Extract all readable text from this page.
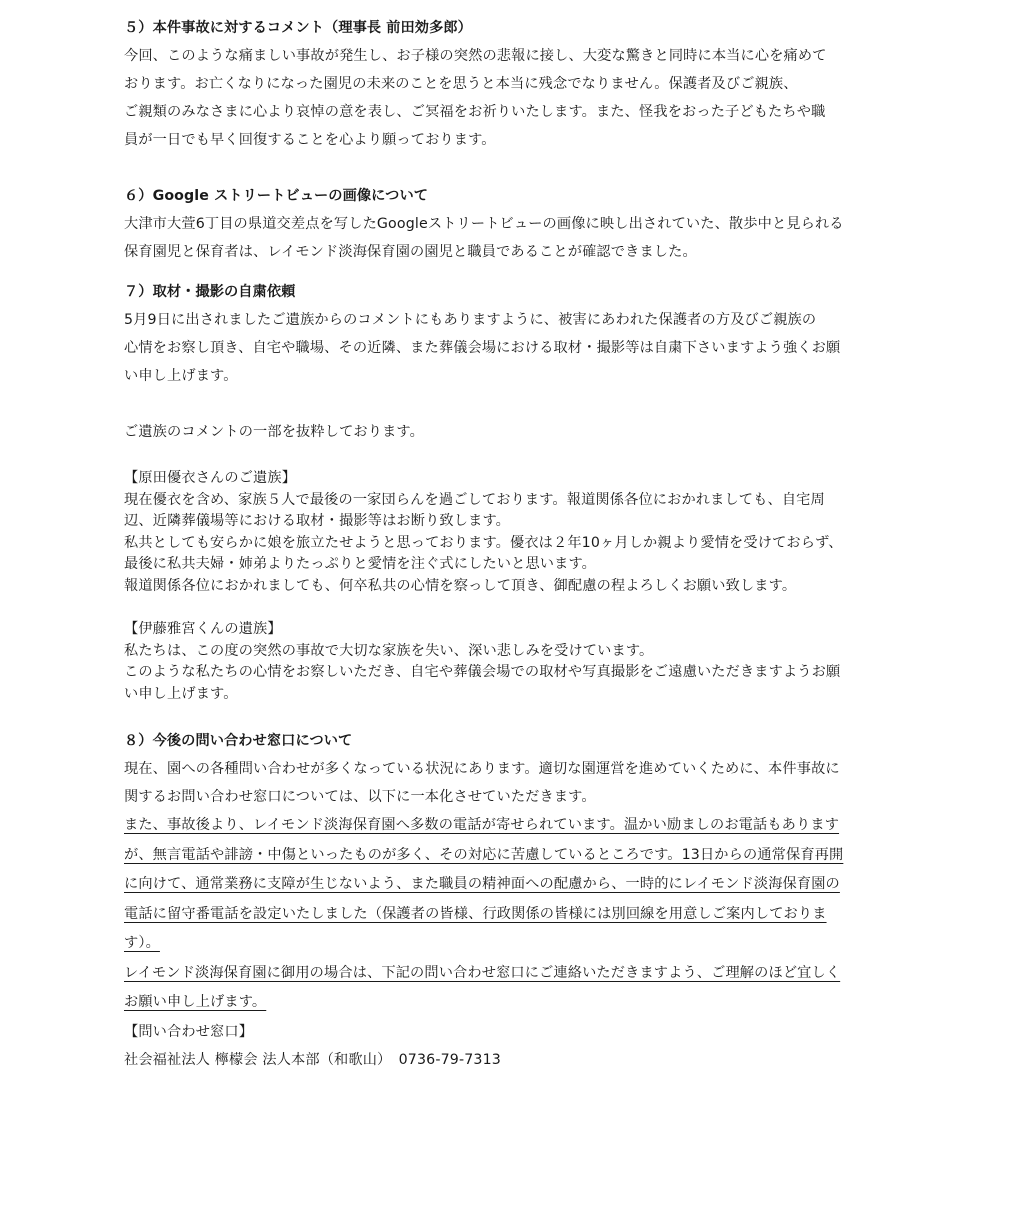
５）本件事故に対するコメント（理事長 前田効多郎）
今回、このような痛ましい事故が発生し、お子様の突然の悲報に接し、大変な驚きと同時に本当に心を痛めて
おります。お亡くなりになった園児の未来のことを思うと本当に残念でなりません。保護者及びご親族、
ご親類のみなさまに心より哀悼の意を表し、ご冥福をお祈りいたします。また、怪我をおった子どもたちや職
員が一日でも早く回復することを心より願っております。
６）Google ストリートビューの画像について
大津市大萱6丁目の県道交差点を写したGoogleストリートビューの画像に映し出されていた、散歩中と見られる
保育園児と保育者は、レイモンド淡海保育園の園児と職員であることが確認できました。
７）取材・撮影の自粛依頼
5月9日に出されましたご遺族からのコメントにもありますように、被害にあわれた保護者の方及びご親族の
心情をお察し頂き、自宅や職場、その近隣、また葬儀会場における取材・撮影等は自粛下さいますよう強くお願
い申し上げます。
ご遺族のコメントの一部を抜粋しております。
【原田優衣さんのご遺族】
現在優衣を含め、家族５人で最後の一家団らんを過ごしております。報道関係各位におかれましても、自宅周
辺、近隣葬儀場等における取材・撮影等はお断り致します。
私共としても安らかに娘を旅立たせようと思っております。優衣は２年10ヶ月しか親より愛情を受けておらず、
最後に私共夫婦・姉弟よりたっぷりと愛情を注ぐ式にしたいと思います。
報道関係各位におかれましても、何卒私共の心情を察っして頂き、御配慮の程よろしくお願い致します。
【伊藤雅宮くんの遺族】
私たちは、この度の突然の事故で大切な家族を失い、深い悲しみを受けています。
このような私たちの心情をお察しいただき、自宅や葬儀会場での取材や写真撮影をご遠慮いただきますようお願
い申し上げます。
８）今後の問い合わせ窓口について
現在、園への各種問い合わせが多くなっている状況にあります。適切な園運営を進めていくために、本件事故に
関するお問い合わせ窓口については、以下に一本化させていただきます。
また、事故後より、レイモンド淡海保育園へ多数の電話が寄せられています。温かい励ましのお電話もあります
が、無言電話や誹謗・中傷といったものが多く、その対応に苦慮しているところです。13日からの通常保育再開
に向けて、通常業務に支障が生じないよう、また職員の精神面への配慮から、一時的にレイモンド淡海保育園の
電話に留守番電話を設定いたしました（保護者の皆様、行政関係の皆様には別回線を用意しご案内しておりま
す）。
レイモンド淡海保育園に御用の場合は、下記の問い合わせ窓口にご連絡いただきますよう、ご理解のほど宜しく
お願い申し上げます。
【問い合わせ窓口】
社会福祉法人 檸檬会 法人本部（和歌山）　0736-79-7313
